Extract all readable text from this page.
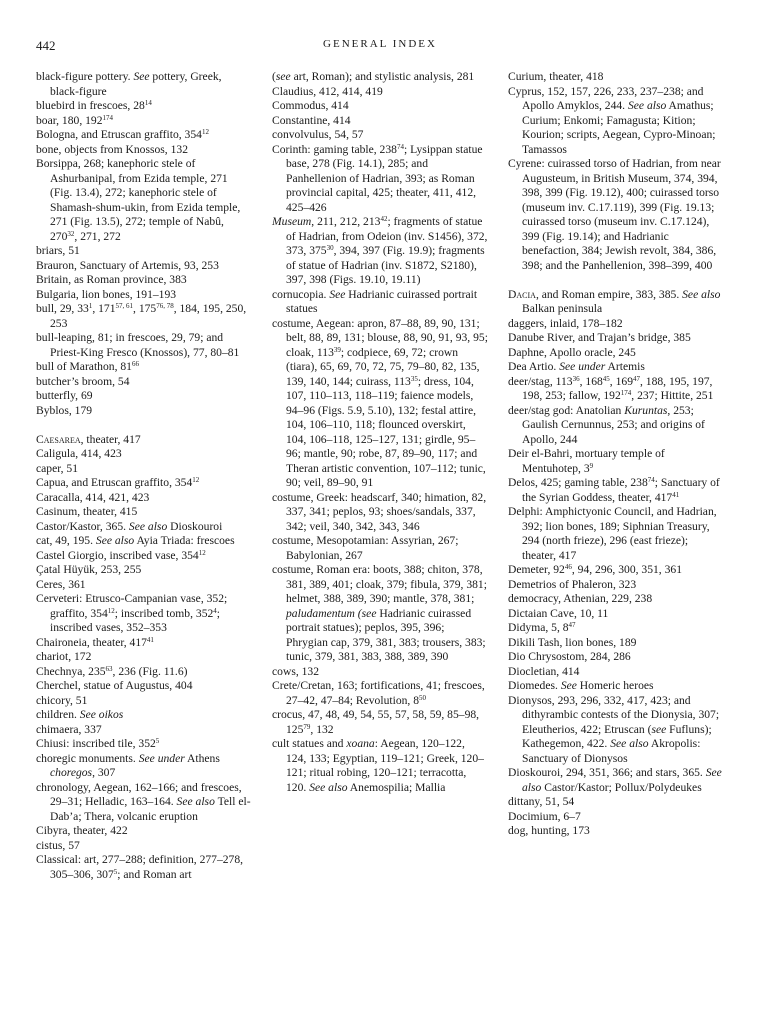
442	GENERAL INDEX

black-figure pottery. See pottery, Greek, black-figure

bluebird in frescoes, $28^{14}$

boar, 180, $192^{174}$

Bologna, and Etruscan graffito, $354^{12}$

bone, objects from Knossos, 132

Borsippa, 268; kanephoric stele of Ashurbanipal, from Ezida temple, 271 (Fig. 13.4), 272; kanephoric stele of Shamash-shum-ukin, from Ezida temple, 271 (Fig. 13.5), 272; temple of Nabû, $270^{32}$, 271, 272

briars, 51

Brauron, Sanctuary of Artemis, 93, 253

Britain, as Roman province, 383

Bulgaria, lion bones, 191–193

bull, 29, $33^1$, 171$^{57, 61}$, 175$^{76, 78}$, 184, 195, 250, 253

bull-leaping, 81; in frescoes, 29, 79; and Priest-King Fresco (Knossos), 77, 80–81

bull of Marathon, $81^{66}$

butcher’s broom, 54

butterfly, 69

Byblos, 179

Caesarea, theater, 417

Caligula, 414, 423

caper, 51

Capua, and Etruscan graffito, $354^{12}$

Caracalla, 414, 421, 423

Casinum, theater, 415

Castor/Kastor, 365. See also Dioskouroi

cat, 49, 195. See also Ayia Triada: frescoes

Castel Giorgio, inscribed vase, $354^{12}$

Çatal Hüyük, 253, 255

Ceres, 361

Cerveteri: Etrusco-Campanian vase, 352; graffito, $354^{12}$; inscribed tomb, $352^4$; inscribed vases, 352–353

Chaironeia, theater, $417^{41}$

chariot, 172

Chechnya, $235^{63}$, 236 (Fig. 11.6)

Cherchel, statue of Augustus, 404

chicory, 51

children. See oikos

chimaera, 337

Chiusi: inscribed tile, $352^5$

choregic monuments. See under Athens choregos, 307

chronology, Aegean, 162–166; and frescoes, 29–31; Helladic, 163–164. See also Tell el-Dab’a; Thera, volcanic eruption

Cibyra, theater, 422

cistus, 57

Classical: art, 277–288; definition, 277–278, 305–306, $307^5$; and Roman art

(see art, Roman); and stylistic analysis, 281

Claudius, 412, 414, 419

Commodus, 414

Constantine, 414

convolvulus, 54, 57

Corinth: gaming table, $238^{74}$; Lysippan statue base, 278 (Fig. 14.1), 285; and Panhellenion of Hadrian, 393; as Roman provincial capital, 425; theater, 411, 412, 425–426

Museum, 211, 212, $213^{42}$; fragments of statue of Hadrian, from Odeion (inv. S1456), 372, 373, $375^{30}$, 394, 397 (Fig. 19.9); fragments of statue of Hadrian (inv. S1872, S2180), 397, 398 (Figs. 19.10, 19.11)

cornucopia. See Hadrianic cuirassed portrait statues

costume, Aegean: apron, 87–88, 89, 90, 131; belt, 88, 89, 131; blouse, 88, 90, 91, 93, 95; cloak, $113^{39}$; codpiece, 69, 72; crown (tiara), 65, 69, 70, 72, 75, 79–80, 82, 135, 139, 140, 144; cuirass, $113^{35}$; dress, 104, 107, 110–113, 118–119; faience models, 94–96 (Figs. 5.9, 5.10), 132; festal attire, 104, 106–110, 118; flounced overskirt, 104, 106–118, 125–127, 131; girdle, 95–96; mantle, 90; robe, 87, 89–90, 117; and Theran artistic convention, 107–112; tunic, 90; veil, 89–90, 91

costume, Greek: headscarf, 340; himation, 82, 337, 341; peplos, 93; shoes/sandals, 337, 342; veil, 340, 342, 343, 346

costume, Mesopotamian: Assyrian, 267; Babylonian, 267

costume, Roman era: boots, 388; chiton, 378, 381, 389, 401; cloak, 379; fibula, 379, 381; helmet, 388, 389, 390; mantle, 378, 381; paludamentum (see Hadrianic cuirassed portrait statues); peplos, 395, 396; Phrygian cap, 379, 381, 383; trousers, 383; tunic, 379, 381, 383, 388, 389, 390

cows, 132

Crete/Cretan, 163; fortifications, 41; frescoes, 27–42, 47–84; Revolution, $8^{50}$

crocus, 47, 48, 49, 54, 55, 57, 58, 59, 85–98, $125^{79}$, 132

cult statues and xoana: Aegean, 120–122, 124, 133; Egyptian, 119–121; Greek, 120–121; ritual robing, 120–121; terracotta, 120. See also Anemospilia; Mallia

Curium, theater, 418

Cyprus, 152, 157, 226, 233, 237–238; and Apollo Amyklos, 244. See also Amathus; Curium; Enkomi; Famagusta; Kition; Kourion; scripts, Aegean, Cypro-Minoan; Tamassos

Cyrene: cuirassed torso of Hadrian, from near Augusteum, in British Museum, 374, 394, 398, 399 (Fig. 19.12), 400; cuirassed torso (museum inv. C.17.119), 399 (Fig. 19.13; cuirassed torso (museum inv. C.17.124), 399 (Fig. 19.14); and Hadrianic benefaction, 384; Jewish revolt, 384, 386, 398; and the Panhellenion, 398–399, 400

Dacia, and Roman empire, 383, 385. See also Balkan peninsula

daggers, inlaid, 178–182

Danube River, and Trajan’s bridge, 385

Daphne, Apollo oracle, 245

Dea Artio. See under Artemis

deer/stag, $113^{36}$, $168^{45}$, $169^{47}$, 188, 195, 197, 198, 253; fallow, $192^{174}$, 237; Hittite, 251

deer/stag god: Anatolian Kuruntas, 253; Gaulish Cernunnus, 253; and origins of Apollo, 244

Deir el-Bahri, mortuary temple of Mentuhotep, $3^9$

Delos, 425; gaming table, $238^{74}$; Sanctuary of the Syrian Goddess, theater, $417^{41}$

Delphi: Amphictyonic Council, and Hadrian, 392; lion bones, 189; Siphnian Treasury, 294 (north frieze), 296 (east frieze); theater, 417

Demeter, $92^{46}$, 94, 296, 300, 351, 361

Demetrios of Phaleron, 323

democracy, Athenian, 229, 238

Dictaian Cave, 10, 11

Didyma, 5, $8^{47}$

Dikili Tash, lion bones, 189

Dio Chrysostom, 284, 286

Diocletian, 414

Diomedes. See Homeric heroes

Dionysos, 293, 296, 332, 417, 423; and dithyrambic contests of the Dionysia, 307; Eleutherios, 422; Etruscan (see Fufluns); Kathegemon, 422. See also Akropolis: Sanctuary of Dionysos

Dioskouroi, 294, 351, 366; and stars, 365. See also Castor/Kastor; Pollux/Polydeukes

dittany, 51, 54

Docimium, 6–7

dog, hunting, 173
